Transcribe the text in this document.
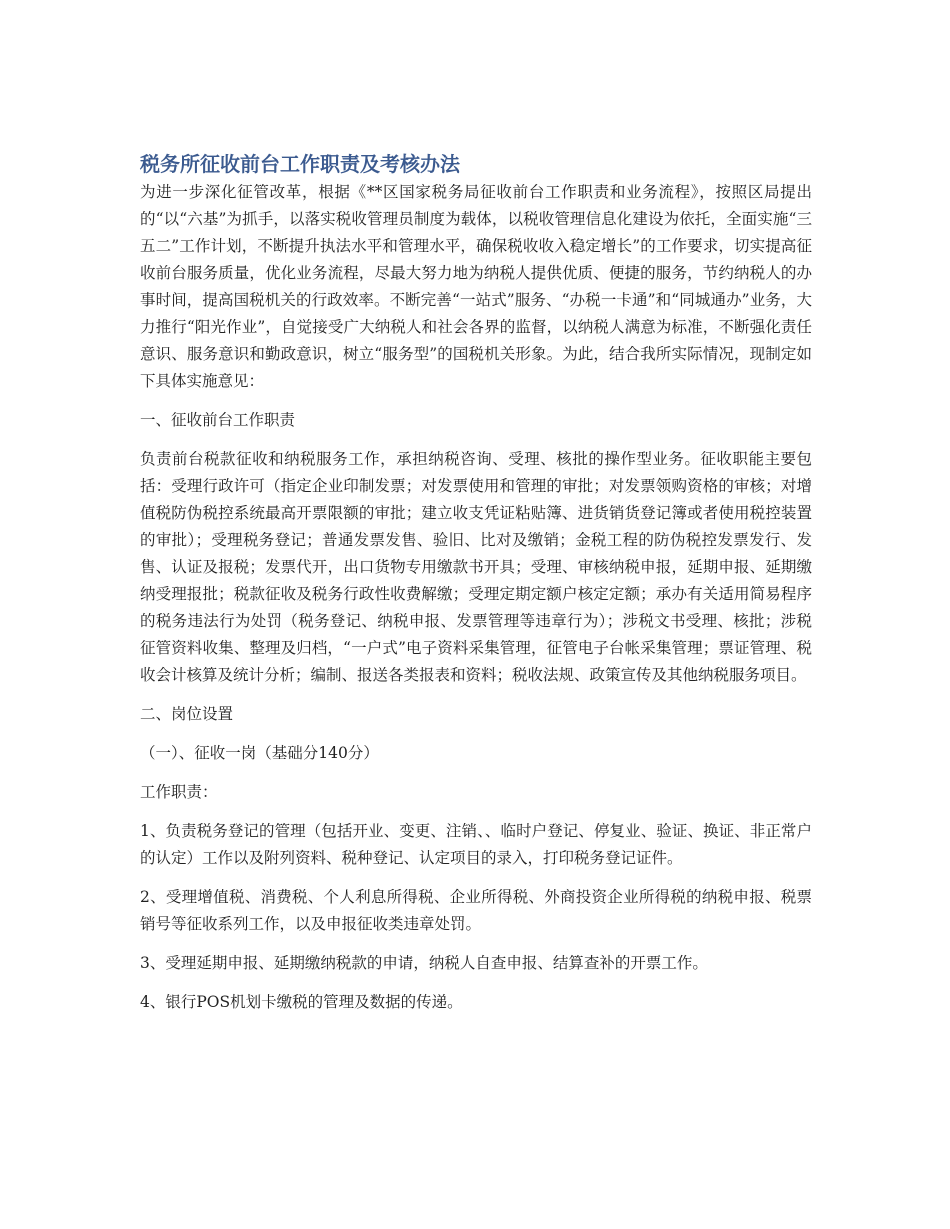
税务所征收前台工作职责及考核办法

为进一步深化征管改革，根据《**区国家税务局征收前台工作职责和业务流程》，按照区局提出的“以“六基”为抓手，以落实税收管理员制度为载体，以税收管理信息化建设为依托，全面实施“三五二”工作计划，不断提升执法水平和管理水平，确保税收收入稳定增长”的工作要求，切实提高征收前台服务质量，优化业务流程，尽最大努力地为纳税人提供优质、便捷的服务，节约纳税人的办事时间，提高国税机关的行政效率。不断完善“一站式”服务、“办税一卡通”和“同城通办”业务，大力推行“阳光作业”，自觉接受广大纳税人和社会各界的监督，以纳税人满意为标准，不断强化责任意识、服务意识和勤政意识，树立“服务型”的国税机关形象。为此，结合我所实际情况，现制定如下具体实施意见：

一、征收前台工作职责

负责前台税款征收和纳税服务工作，承担纳税咨询、受理、核批的操作型业务。征收职能主要包括：受理行政许可（指定企业印制发票；对发票使用和管理的审批；对发票领购资格的审核；对增值税防伪税控系统最高开票限额的审批；建立收支凭证粘贴簿、进货销货登记簿或者使用税控装置的审批）；受理税务登记；普通发票发售、验旧、比对及缴销；金税工程的防伪税控发票发行、发售、认证及报税；发票代开，出口货物专用缴款书开具；受理、审核纳税申报，延期申报、延期缴纳受理报批；税款征收及税务行政性收费解缴；受理定期定额户核定定额；承办有关适用简易程序的税务违法行为处罚（税务登记、纳税申报、发票管理等违章行为）；涉税文书受理、核批；涉税征管资料收集、整理及归档，“一户式”电子资料采集管理，征管电子台帐采集管理；票证管理、税收会计核算及统计分析；编制、报送各类报表和资料；税收法规、政策宣传及其他纳税服务项目。

二、岗位设置

（一）、征收一岗（基础分140分）

工作职责：

1、负责税务登记的管理（包括开业、变更、注销、、临时户登记、停复业、验证、换证、非正常户的认定）工作以及附列资料、税种登记、认定项目的录入，打印税务登记证件。

2、受理增值税、消费税、个人利息所得税、企业所得税、外商投资企业所得税的纳税申报、税票销号等征收系列工作，以及申报征收类违章处罚。

3、受理延期申报、延期缴纳税款的申请，纳税人自查申报、结算查补的开票工作。

4、银行POS机划卡缴税的管理及数据的传递。
